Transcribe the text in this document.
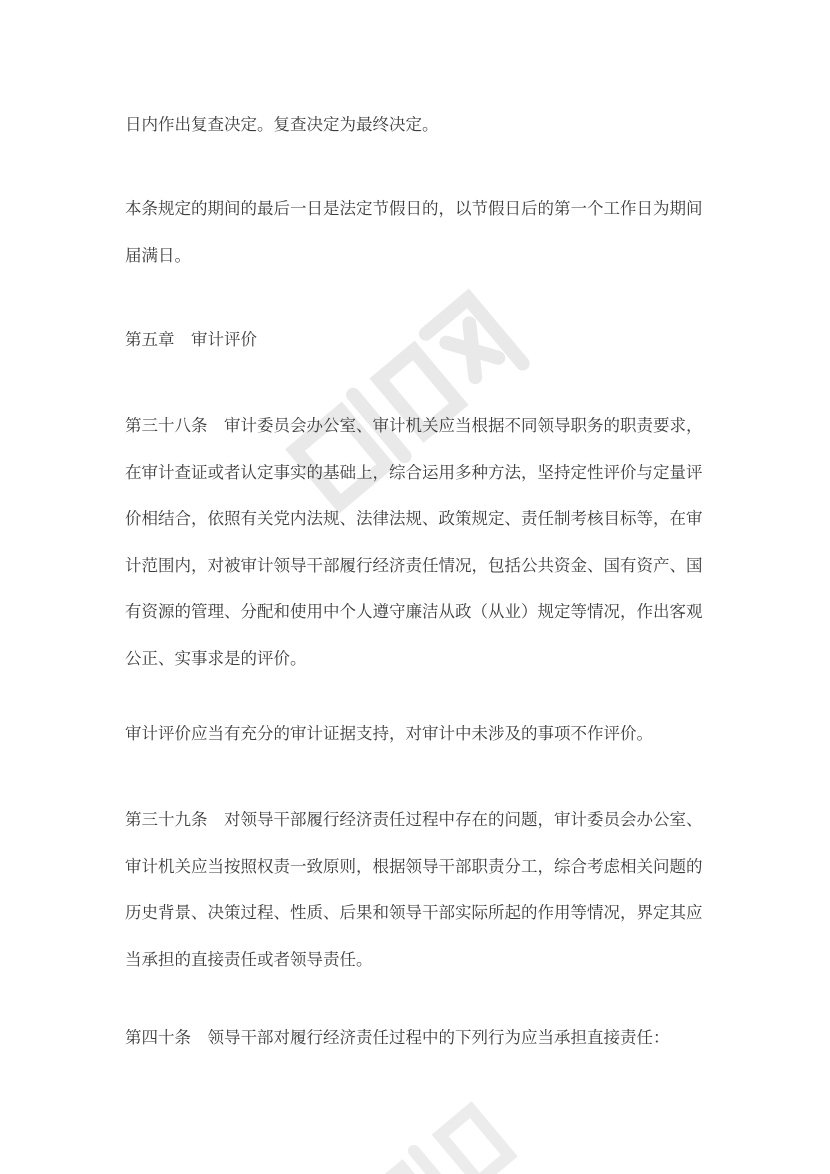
日内作出复查决定。复查决定为最终决定。

本条规定的期间的最后一日是法定节假日的，以节假日后的第一个工作日为期间届满日。

第五章　审计评价

第三十八条　审计委员会办公室、审计机关应当根据不同领导职务的职责要求，在审计查证或者认定事实的基础上，综合运用多种方法，坚持定性评价与定量评价相结合，依照有关党内法规、法律法规、政策规定、责任制考核目标等，在审计范围内，对被审计领导干部履行经济责任情况，包括公共资金、国有资产、国有资源的管理、分配和使用中个人遵守廉洁从政（从业）规定等情况，作出客观公正、实事求是的评价。

审计评价应当有充分的审计证据支持，对审计中未涉及的事项不作评价。

第三十九条　对领导干部履行经济责任过程中存在的问题，审计委员会办公室、审计机关应当按照权责一致原则，根据领导干部职责分工，综合考虑相关问题的历史背景、决策过程、性质、后果和领导干部实际所起的作用等情况，界定其应当承担的直接责任或者领导责任。

第四十条　领导干部对履行经济责任过程中的下列行为应当承担直接责任：
